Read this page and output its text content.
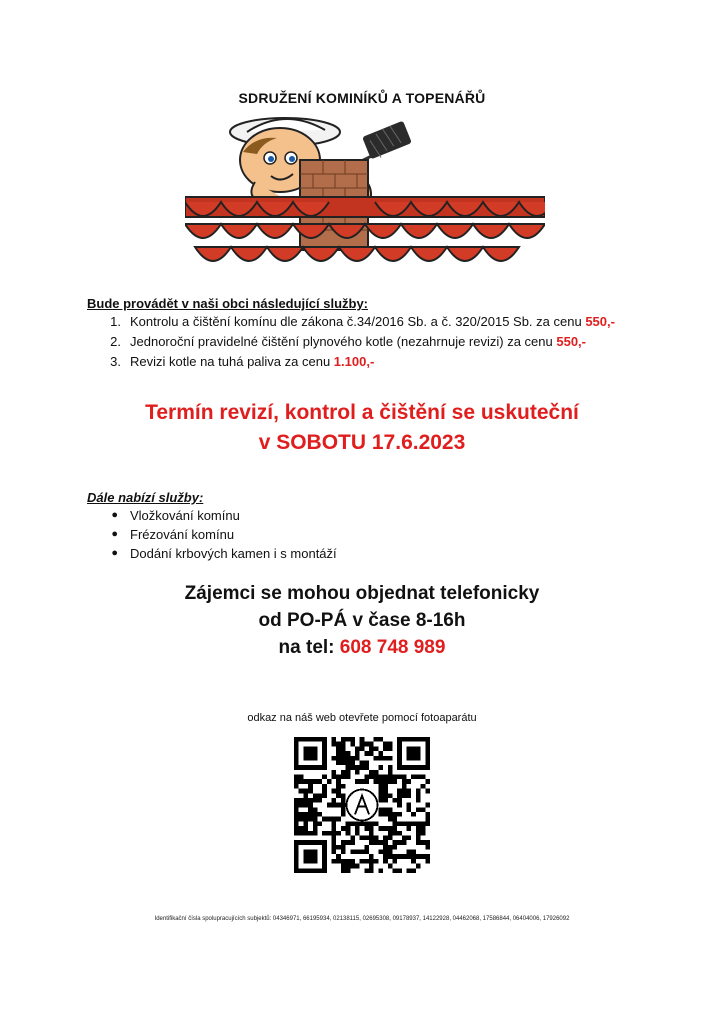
SDRUŽENÍ KOMINÍKŮ A TOPENÁŘŮ
Bude provádět v naši obci následující služby:
1. Kontrolu a čištění komínu dle zákona č.34/2016 Sb. a č. 320/2015 Sb. za cenu 550,-
2. Jednoroční pravidelné čištění plynového kotle (nezahrnuje revizi) za cenu 550,-
3. Revizi kotle na tuhá paliva za cenu 1.100,-
Termín revizí, kontrol a čištění se uskuteční
v SOBOTU 17.6.2023
Dále nabízí služby:
● Vložkování komínu
● Frézování komínu
● Dodání krbových kamen i s montáží
Zájemci se mohou objednat telefonicky
od PO-PÁ v čase 8-16h
na tel: 608 748 989
odkaz na náš web otevřete pomocí fotoaparátu
Identifikační čísla spolupracujících subjektů: 04346971, 66195934, 02138115, 02695308, 09178937, 14122928, 04462068, 17586844, 06404006, 17926092
